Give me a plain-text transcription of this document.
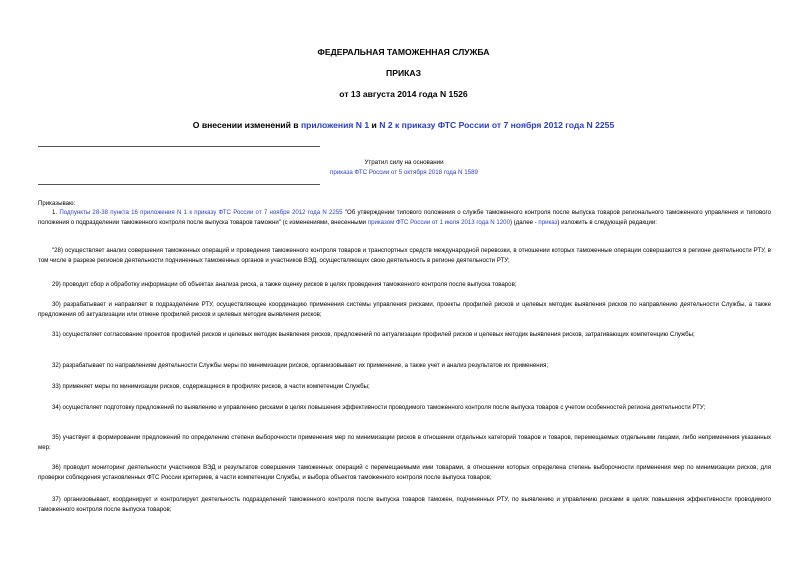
ФЕДЕРАЛЬНАЯ ТАМОЖЕННАЯ СЛУЖБА
ПРИКАЗ
от 13 августа 2014 года N 1526
О внесении изменений в приложения N 1 и N 2 к приказу ФТС России от 7 ноября 2012 года N 2255
Утратил силу на основании
приказа ФТС России от 5 октября 2018 года N 1589
Приказываю:
1. Подпункты 28-38 пункта 16 приложения N 1 к приказу ФТС России от 7 ноября 2012 года N 2255 "Об утверждении типового положения о службе таможенного контроля после выпуска товаров регионального таможенного управления и типового положения о подразделении таможенного контроля после выпуска товаров таможни" (с изменениями, внесенными приказом ФТС России от 1 июля 2013 года N 1200) (далее - приказ) изложить в следующей редакции:
"28) осуществляет анализ совершения таможенных операций и проведения таможенного контроля товаров и транспортных средств международной перевозки, в отношении которых таможенные операции совершаются в регионе деятельности РТУ, в том числе в разрезе регионов деятельности подчиненных таможенных органов и участников ВЭД, осуществляющих свою деятельность в регионе деятельности РТУ;
29) проводит сбор и обработку информации об объектах анализа риска, а также оценку рисков в целях проведения таможенного контроля после выпуска товаров;
30) разрабатывает и направляет в подразделение РТУ, осуществляющее координацию применения системы управления рисками, проекты профилей рисков и целевых методик выявления рисков по направлению деятельности Службы, а также предложения об актуализации или отмене профилей рисков и целевых методик выявления рисков;
31) осуществляет согласование проектов профилей рисков и целевых методик выявления рисков, предложений по актуализации профилей рисков и целевых методик выявления рисков, затрагивающих компетенцию Службы;
32) разрабатывает по направлениям деятельности Службы меры по минимизации рисков, организовывает их применение, а также учет и анализ результатов их применения;
33) применяет меры по минимизации рисков, содержащиеся в профилях рисков, в части компетенции Службы;
34) осуществляет подготовку предложений по выявлению и управлению рисками в целях повышения эффективности проводимого таможенного контроля после выпуска товаров с учетом особенностей региона деятельности РТУ;
35) участвует в формировании предложений по определению степени выборочности применения мер по минимизации рисков в отношении отдельных категорий товаров и товаров, перемещаемых отдельными лицами, либо неприменения указанных мер;
36) проводит мониторинг деятельности участников ВЭД и результатов совершения таможенных операций с перемещаемыми ими товарами, в отношении которых определена степень выборочности применения мер по минимизации рисков, для проверки соблюдения установленных ФТС России критериев, в части компетенции Службы, и выбора объектов таможенного контроля после выпуска товаров;
37) организовывает, координирует и контролирует деятельность подразделений таможенного контроля после выпуска товаров таможен, подчиненных РТУ, по выявлению и управлению рисками в целях повышения эффективности проводимого таможенного контроля после выпуска товаров;
